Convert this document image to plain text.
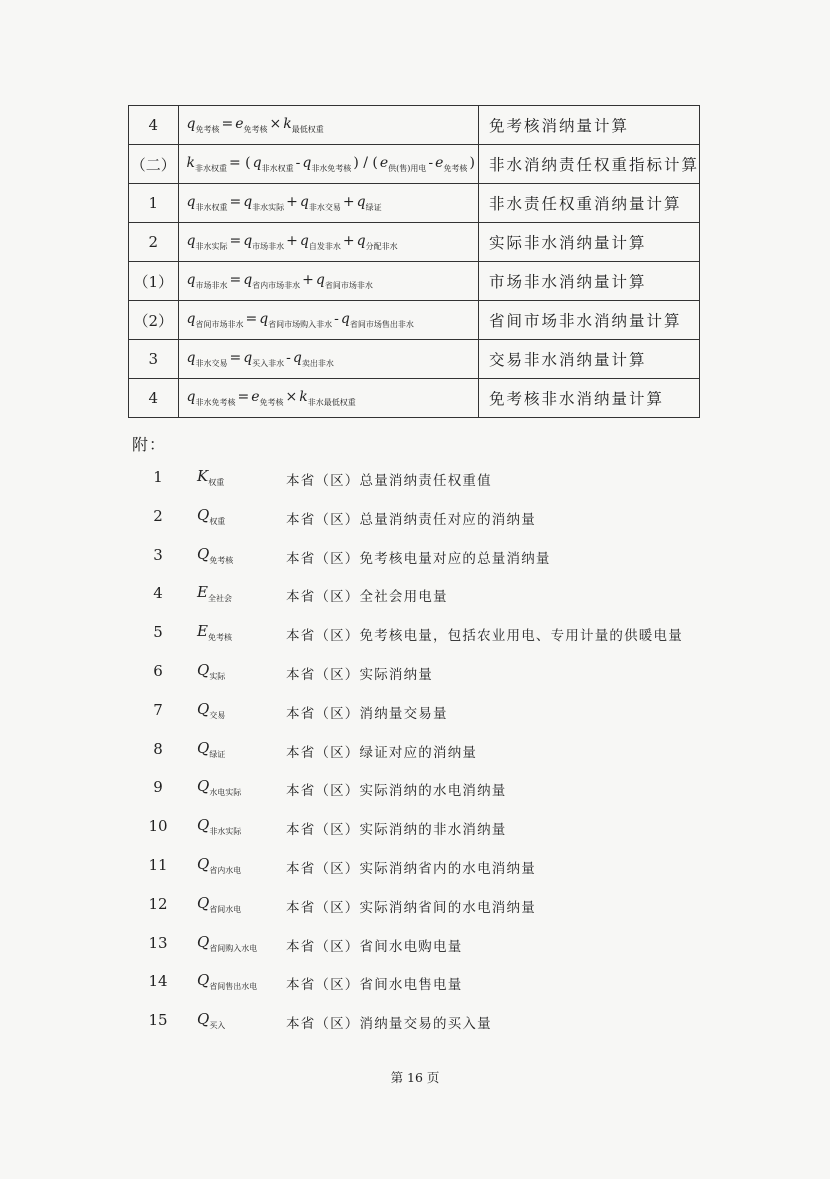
4	$q_{免考核} = e_{免考核} \times k_{最低权重}$	免考核消纳量计算
（二）	$k_{非水权重}$ = ( $q_{非水权重} - q_{非水免考核}$ ) / ( $e_{供(售)用电} - e_{免考核}$ )	非水消纳责任权重指标计算
1	$q_{非水权重} = q_{非水实际} + q_{非水交易} + q_{绿证}$	非水责任权重消纳量计算
2	$q_{非水实际} = q_{市场非水} + q_{自发非水} + q_{分配非水}$	实际非水消纳量计算
（1）	$q_{市场非水} = q_{省内市场非水} + q_{省间市场非水}$	市场非水消纳量计算
（2）	$q_{省间市场非水} = q_{省间市场购入非水} - q_{省间市场售出非水}$	省间市场非水消纳量计算
3	$q_{非水交易} = q_{买入非水} - q_{卖出非水}$	交易非水消纳量计算
4	$q_{非水免考核} = e_{免考核} \times k_{非水最低权重}$	免考核非水消纳量计算
附：
1	$K_{权重}$	本省（区）总量消纳责任权重值
2	$Q_{权重}$	本省（区）总量消纳责任对应的消纳量
3	$Q_{免考核}$	本省（区）免考核电量对应的总量消纳量
4	$E_{全社会}$	本省（区）全社会用电量
5	$E_{免考核}$	本省（区）免考核电量，包括农业用电、专用计量的供暖电量
6	$Q_{实际}$	本省（区）实际消纳量
7	$Q_{交易}$	本省（区）消纳量交易量
8	$Q_{绿证}$	本省（区）绿证对应的消纳量
9	$Q_{水电实际}$	本省（区）实际消纳的水电消纳量
10	$Q_{非水实际}$	本省（区）实际消纳的非水消纳量
11	$Q_{省内水电}$	本省（区）实际消纳省内的水电消纳量
12	$Q_{省间水电}$	本省（区）实际消纳省间的水电消纳量
13	$Q_{省间购入水电}$ 本省（区）省间水电购电量
14	$Q_{省间售出水电}$ 本省（区）省间水电售电量
15	$Q_{买入}$	本省（区）消纳量交易的买入量
第 16 页
